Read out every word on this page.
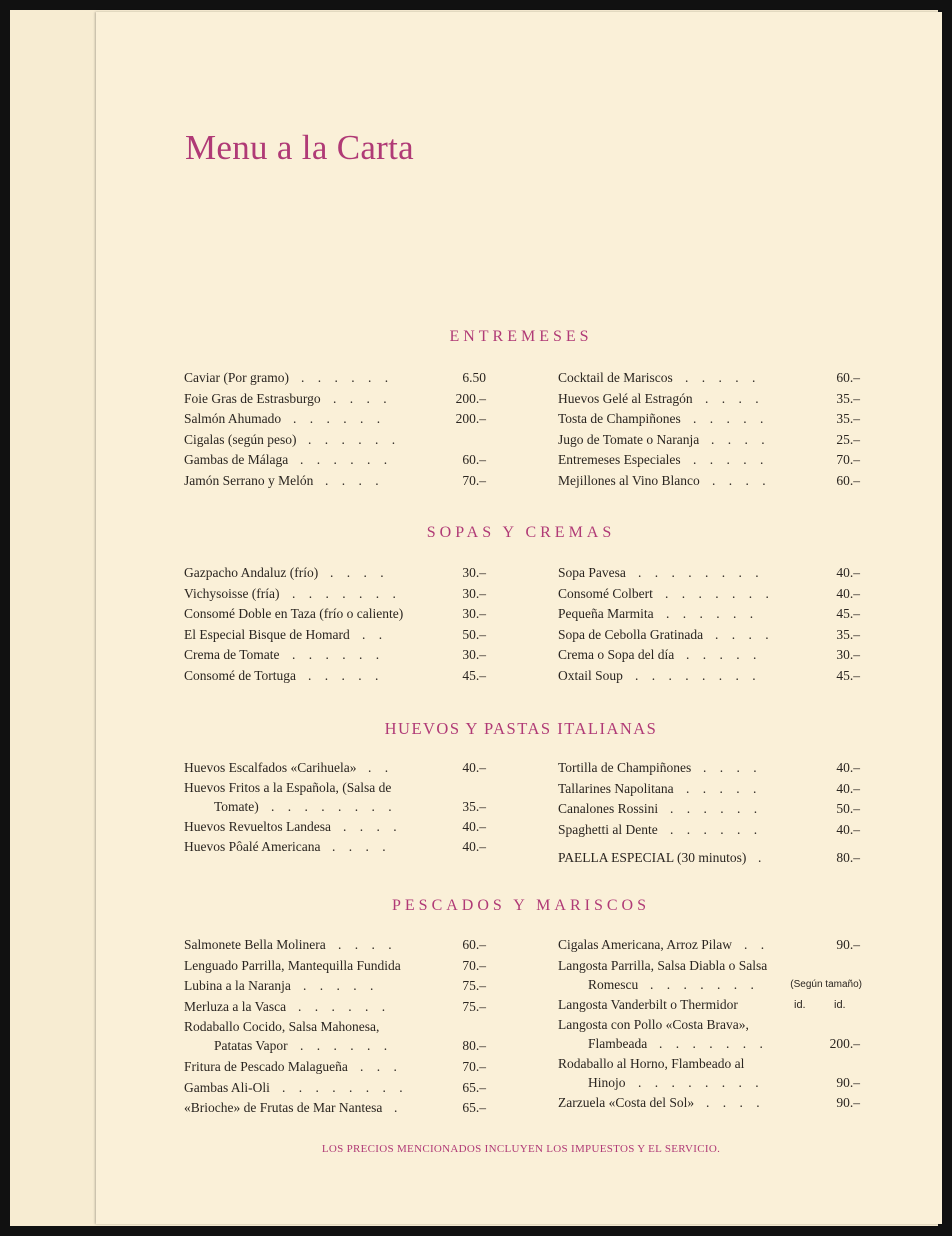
Menu a la Carta
ENTREMESES
Caviar (Por gramo) . . . . . .	6.50
Foie Gras de Estrasburgo . . . .	200.–
Salmón Ahumado . . . . . .	200.–
Cigalas (según peso) . . . . . .
Gambas de Málaga . . . . . .	60.–
Jamón Serrano y Melón . . . .	70.–
Cocktail de Mariscos . . . . .	60.–
Huevos Gelé al Estragón . . . .	35.–
Tosta de Champiñones . . . . .	35.–
Jugo de Tomate o Naranja . . . .	25.–
Entremeses Especiales . . . . .	70.–
Mejillones al Vino Blanco . . . .	60.–
SOPAS Y CREMAS
Gazpacho Andaluz (frío) . . . .	30.–
Vichysoisse (fría) . . . . . . .	30.–
Consomé Doble en Taza (frío o caliente)	30.–
El Especial Bisque de Homard . .	50.–
Crema de Tomate . . . . . .	30.–
Consomé de Tortuga . . . . .	45.–
Sopa Pavesa . . . . . . . .	40.–
Consomé Colbert . . . . . . .	40.–
Pequeña Marmita . . . . . .	45.–
Sopa de Cebolla Gratinada . . . .	35.–
Crema o Sopa del día . . . . .	30.–
Oxtail Soup . . . . . . . .	45.–
HUEVOS Y PASTAS ITALIANAS
Huevos Escalfados «Carihuela» . .	40.–
Huevos Fritos a la Española, (Salsa de
Tomate) . . . . . . . .	35.–
Huevos Revueltos Landesa . . . .	40.–
Huevos Pôalé Americana . . . .	40.–
Tortilla de Champiñones . . . .	40.–
Tallarines Napolitana . . . . .	40.–
Canalones Rossini . . . . . .	50.–
Spaghetti al Dente . . . . . .	40.–
PAELLA ESPECIAL (30 minutos) .	80.–
PESCADOS Y MARISCOS
Salmonete Bella Molinera . . . .	60.–
Lenguado Parrilla, Mantequilla Fundida	70.–
Lubina a la Naranja . . . . .	75.–
Merluza a la Vasca . . . . . .	75.–
Rodaballo Cocido, Salsa Mahonesa,
Patatas Vapor . . . . . .	80.–
Fritura de Pescado Malagueña . . .	70.–
Gambas Ali-Oli . . . . . . . .	65.–
«Brioche» de Frutas de Mar Nantesa .	65.–
Cigalas Americana, Arroz Pilaw . .	90.–
Langosta Parrilla, Salsa Diabla o Salsa
Romescu . . . . . . .	(Según tamaño)
Langosta Vanderbilt o Thermidor	id.	id.
Langosta con Pollo «Costa Brava»,
Flambeada . . . . . . .	200.–
Rodaballo al Horno, Flambeado al
Hinojo . . . . . . . .	90.–
Zarzuela «Costa del Sol» . . . .	90.–
LOS PRECIOS MENCIONADOS INCLUYEN LOS IMPUESTOS Y EL SERVICIO.
